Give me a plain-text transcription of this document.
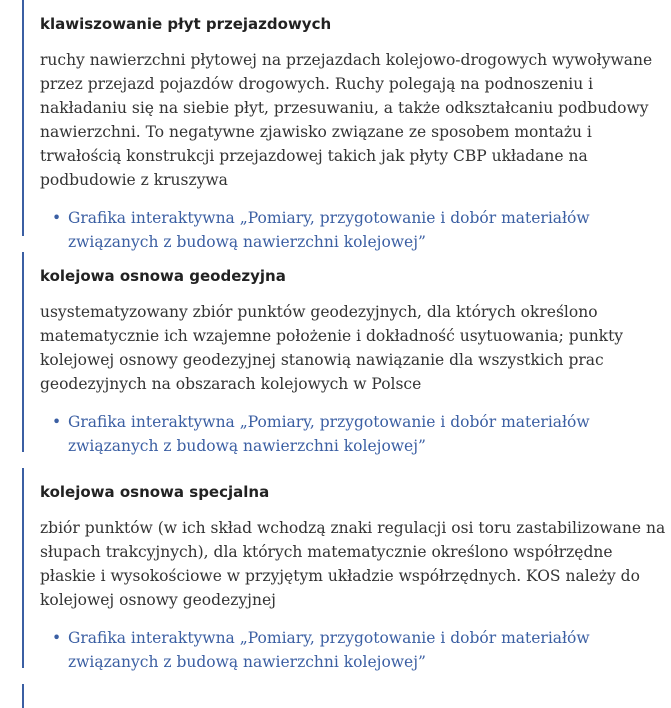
klawiszowanie płyt przejazdowych
ruchy nawierzchni płytowej na przejazdach kolejowo-drogowych wywoływane przez przejazd pojazdów drogowych. Ruchy polegają na podnoszeniu i nakładaniu się na siebie płyt, przesuwaniu, a także odkształcaniu podbudowy nawierzchni. To negatywne zjawisko związane ze sposobem montażu i trwałością konstrukcji przejazdowej takich jak płyty CBP układane na podbudowie z kruszywa
• Grafika interaktywna „Pomiary, przygotowanie i dobór materiałów związanych z budową nawierzchni kolejowej”
kolejowa osnowa geodezyjna
usystematyzowany zbiór punktów geodezyjnych, dla których określono matematycznie ich wzajemne położenie i dokładność usytuowania; punkty kolejowej osnowy geodezyjnej stanowią nawiązanie dla wszystkich prac geodezyjnych na obszarach kolejowych w Polsce
• Grafika interaktywna „Pomiary, przygotowanie i dobór materiałów związanych z budową nawierzchni kolejowej”
kolejowa osnowa specjalna
zbiór punktów (w ich skład wchodzą znaki regulacji osi toru zastabilizowane na słupach trakcyjnych), dla których matematycznie określono współrzędne płaskie i wysokościowe w przyjętym układzie współrzędnych. KOS należy do kolejowej osnowy geodezyjnej
• Grafika interaktywna „Pomiary, przygotowanie i dobór materiałów związanych z budową nawierzchni kolejowej”
